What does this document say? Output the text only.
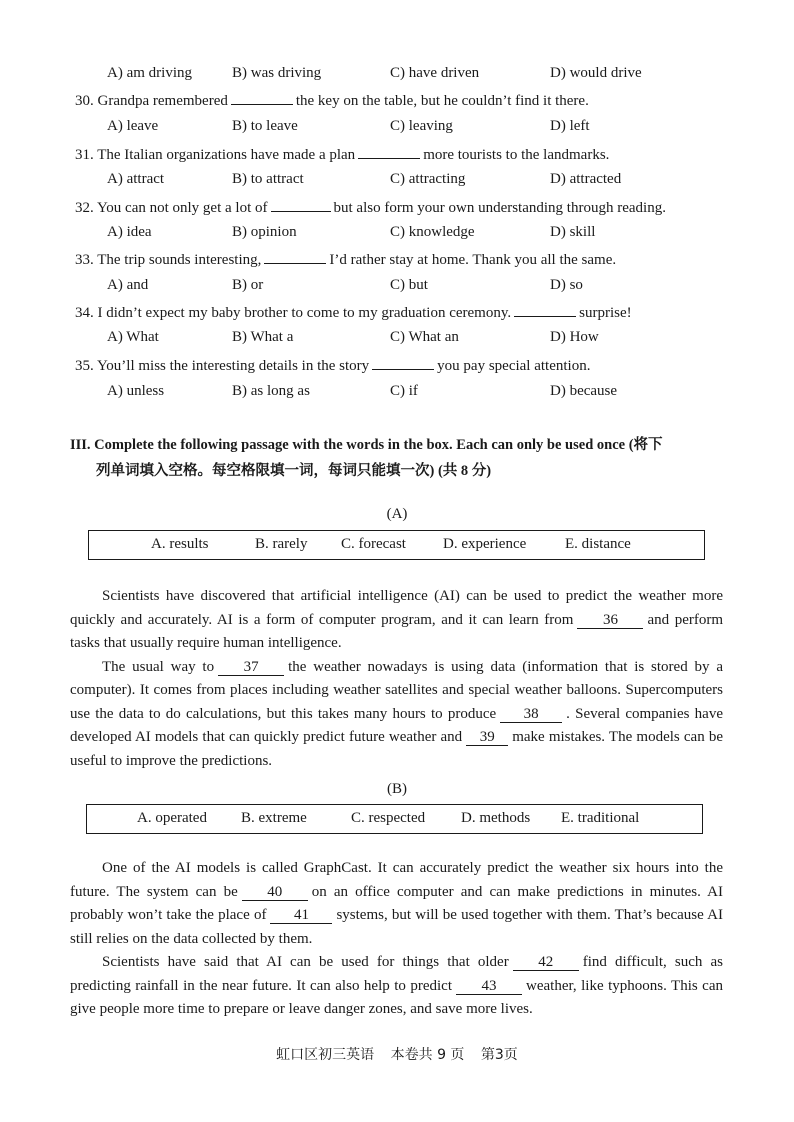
A) am driving	B) was driving	C) have driven	D) would drive
30. Grandpa remembered	the key on the table, but he couldn’t find it there.
A) leave	B) to leave	C) leaving	D) left
31. The Italian organizations have made a plan	more tourists to the landmarks.
A) attract	B) to attract	C) attracting	D) attracted
32. You can not only get a lot of	but also form your own understanding through reading.
A) idea	B) opinion	C) knowledge	D) skill
33. The trip sounds interesting,	I’d rather stay at home. Thank you all the same.
A) and	B) or	C) but	D) so
34. I didn’t expect my baby brother to come to my graduation ceremony.	surprise!
A) What	B) What a	C) What an	D) How
35. You’ll miss the interesting details in the story	you pay special attention.
A) unless	B) as long as	C) if	D) because
III. Complete the following passage with the words in the box. Each can only be used once (将下
列单词填入空格。每空格限填一词，每词只能填一次) (共 8 分)
(A)
A. results	B. rarely C. forecast D. experience	E. distance

Scientists have discovered that artificial intelligence (AI) can be used to predict the weather more quickly and accurately. AI is a form of computer program, and it can learn from 36 and perform tasks that usually require human intelligence.

The usual way to 37 the weather nowadays is using data (information that is stored by a computer). It comes from places including weather satellites and special weather balloons. Supercomputers use the data to do calculations, but this takes many hours to produce 38 . Several companies have developed AI models that can quickly predict future weather and 39 make mistakes. The models can be useful to improve the predictions.

(B)
A. operated B. extreme	C. respected D. methods E. traditional

One of the AI models is called GraphCast. It can accurately predict the weather six hours into the future. The system can be 40 on an office computer and can make predictions in minutes. AI probably won’t take the place of 41 systems, but will be used together with them. That’s because AI still relies on the data collected by them.

Scientists have said that AI can be used for things that older 42 find difficult, such as predicting rainfall in the near future. It can also help to predict 43 weather, like typhoons. This can give people more time to prepare or leave danger zones, and save more lives.

虹口区初三英语 本卷共 9 页 第3页
